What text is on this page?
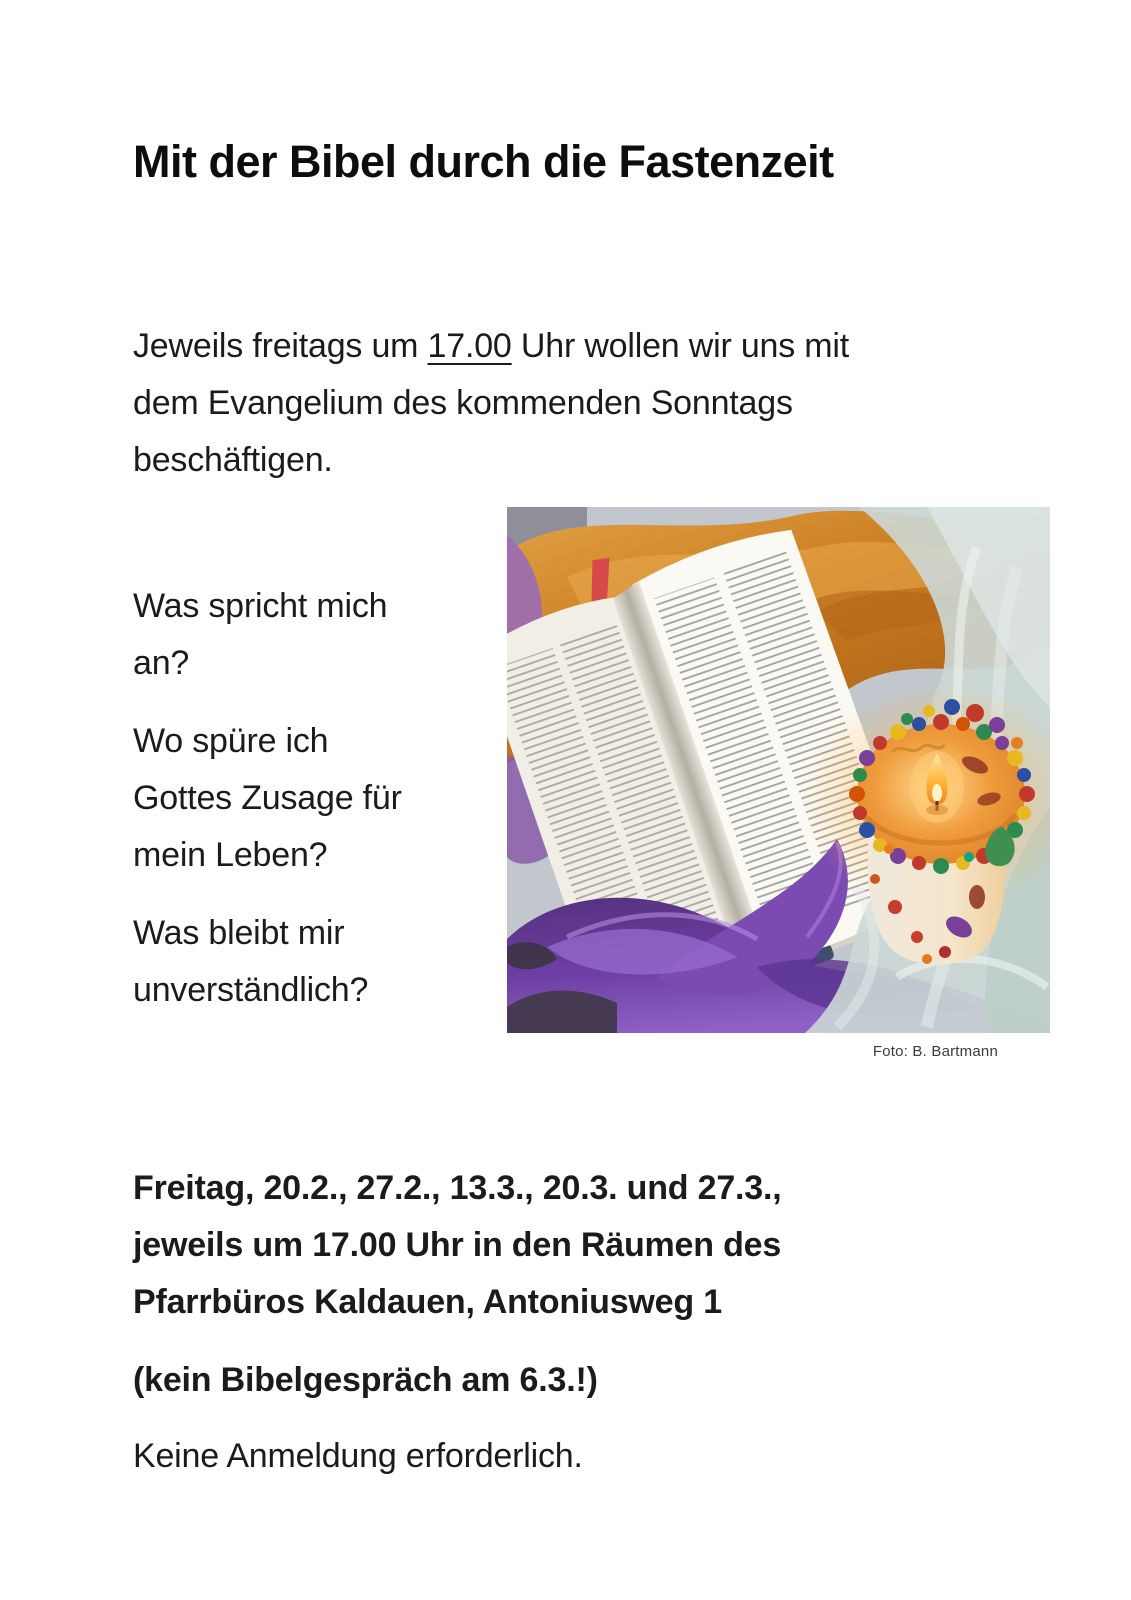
Mit der Bibel durch die Fastenzeit

Jeweils freitags um 17.00 Uhr wollen wir uns mit
dem Evangelium des kommenden Sonntags
beschäftigen.

Was spricht mich
an?

Wo spüre ich
Gottes Zusage für
mein Leben?

Was bleibt mir
unverständlich?

Foto: B. Bartmann
Freitag, 20.2., 27.2., 13.3., 20.3. und 27.3.,
jeweils um 17.00 Uhr in den Räumen des
Pfarrbüros Kaldauen, Antoniusweg 1
(kein Bibelgespräch am 6.3.!)
Keine Anmeldung erforderlich.
